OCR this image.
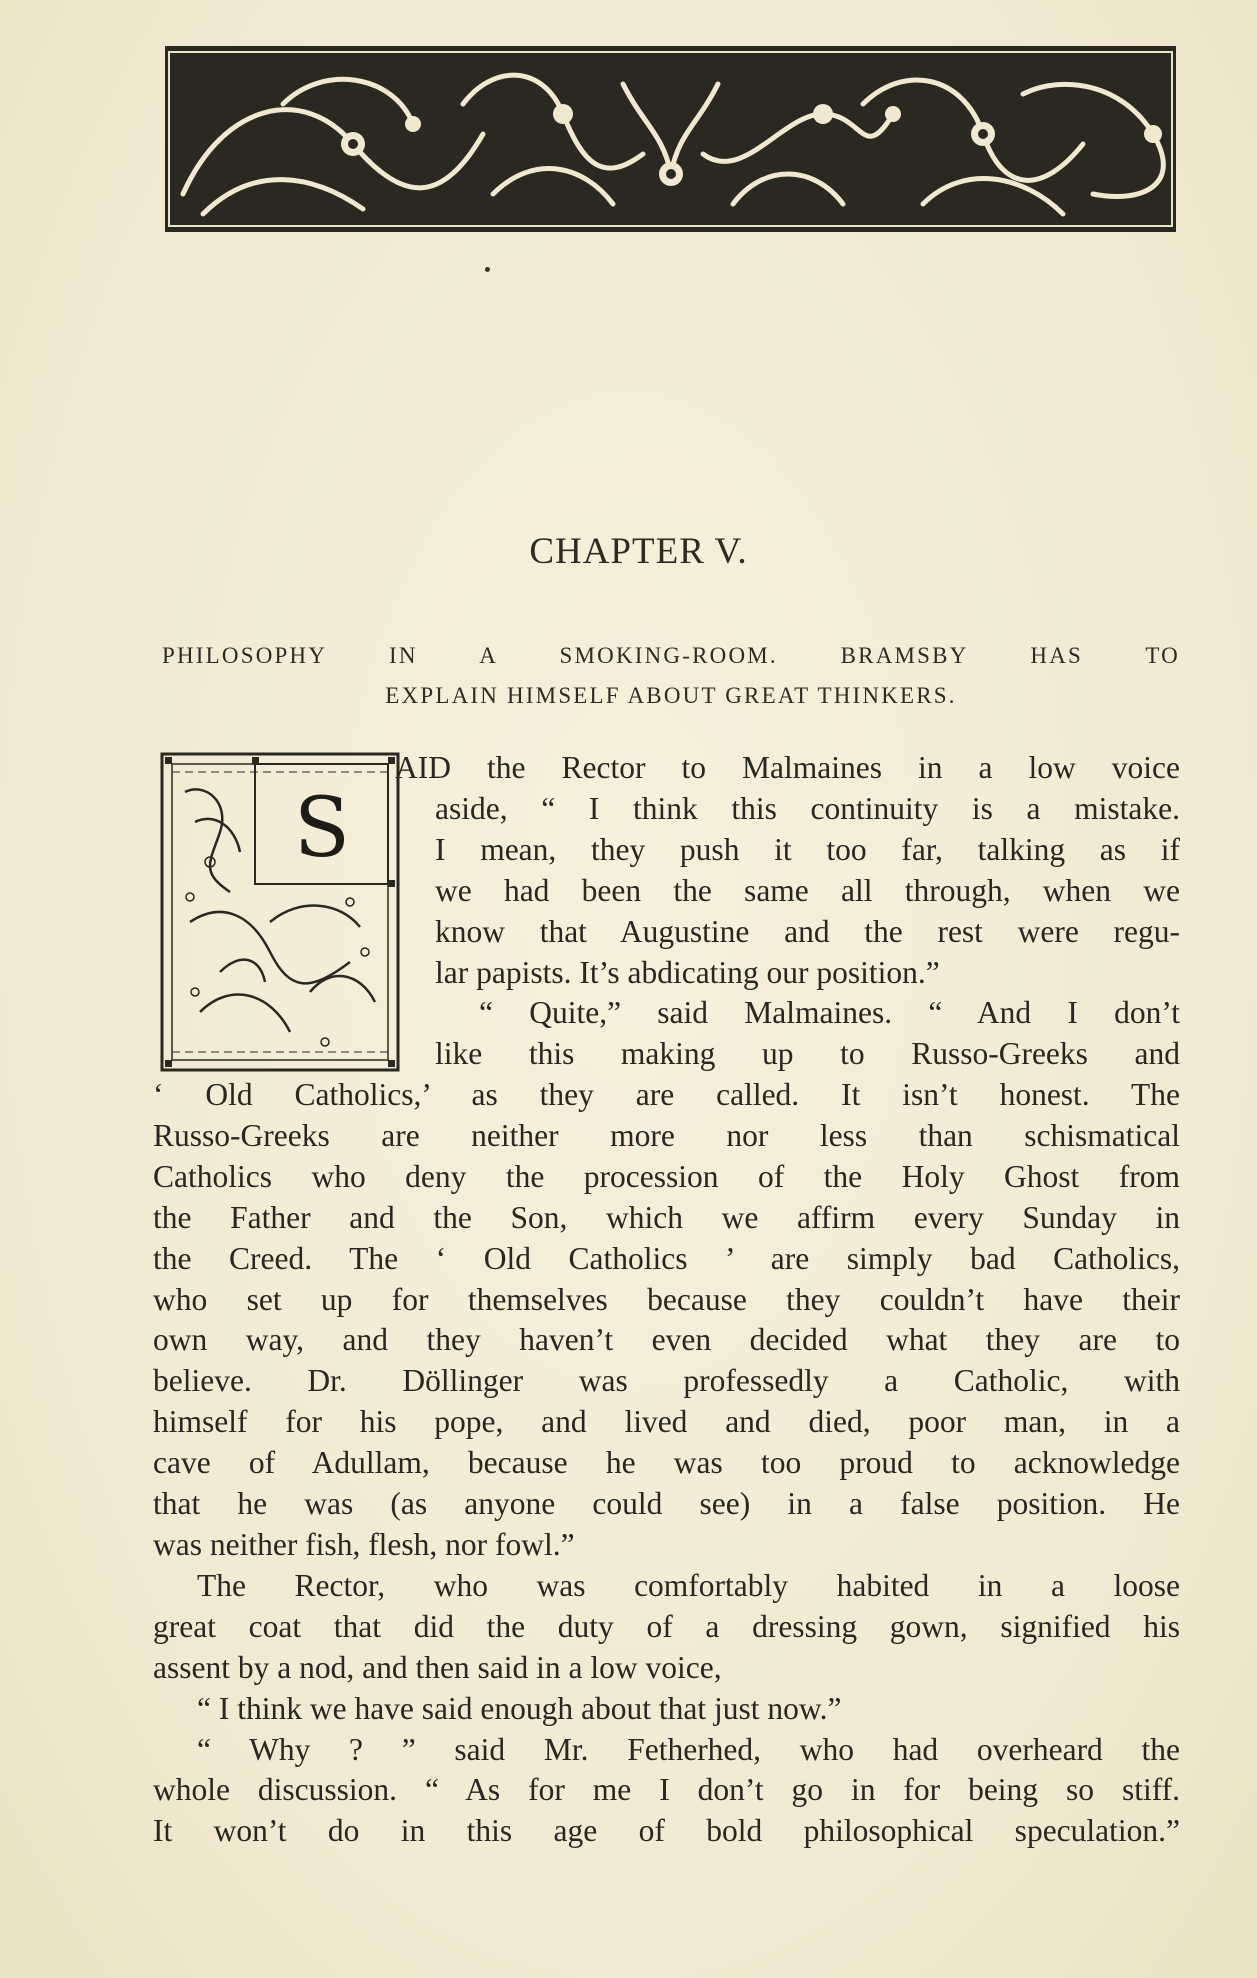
CHAPTER V.
PHILOSOPHY IN A SMOKING-ROOM. BRAMSBY HAS TO
EXPLAIN HIMSELF ABOUT GREAT THINKERS.
S
AID the Rector to Malmaines in a low voice
aside, “ I think this continuity is a mistake.
I mean, they push it too far, talking as if
we had been the same all through, when we
know that Augustine and the rest were regu-
lar papists. It’s abdicating our position.”
“ Quite,” said Malmaines. “ And I don’t
like this making up to Russo-Greeks and
‘ Old Catholics,’ as they are called. It isn’t honest. The
Russo-Greeks are neither more nor less than schismatical
Catholics who deny the procession of the Holy Ghost from
the Father and the Son, which we affirm every Sunday in
the Creed. The ‘ Old Catholics ’ are simply bad Catholics,
who set up for themselves because they couldn’t have their
own way, and they haven’t even decided what they are to
believe. Dr. Döllinger was professedly a Catholic, with
himself for his pope, and lived and died, poor man, in a
cave of Adullam, because he was too proud to acknowledge
that he was (as anyone could see) in a false position. He
was neither fish, flesh, nor fowl.”
The Rector, who was comfortably habited in a loose
great coat that did the duty of a dressing gown, signified his
assent by a nod, and then said in a low voice,
“ I think we have said enough about that just now.”
“ Why ? ” said Mr. Fetherhed, who had overheard the
whole discussion. “ As for me I don’t go in for being so stiff.
It won’t do in this age of bold philosophical speculation.”
